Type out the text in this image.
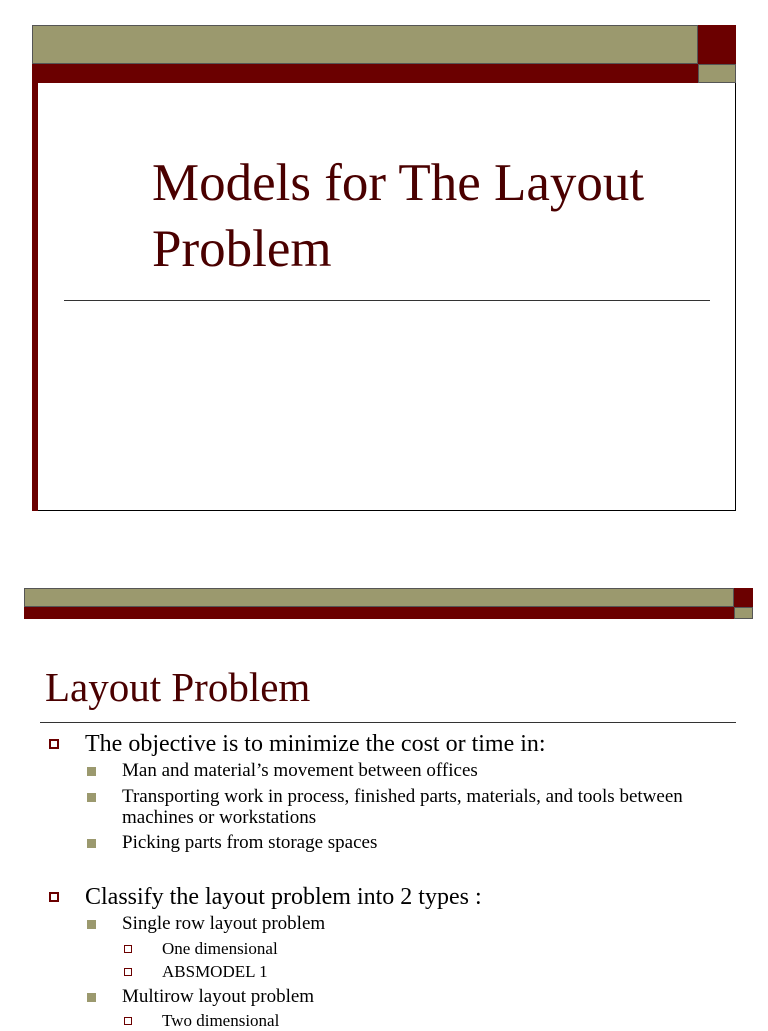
Models for The Layout
Problem
Layout Problem
The objective is to minimize the cost or time in:
Man and material’s movement between offices
Transporting work in process, finished parts, materials, and tools between machines or workstations
Picking parts from storage spaces
Classify the layout problem into 2 types :
Single row layout problem
One dimensional
ABSMODEL 1
Multirow layout problem
Two dimensional
